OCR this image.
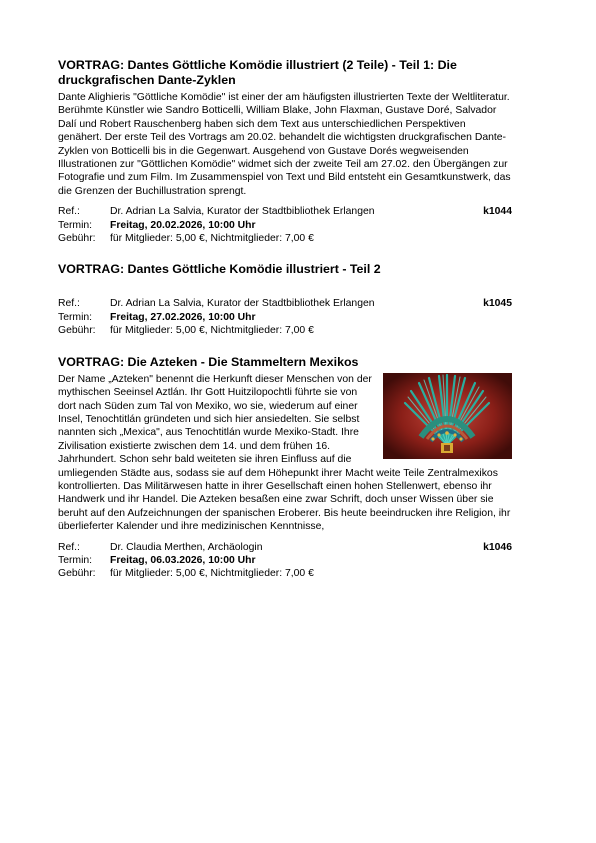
VORTRAG: Dantes Göttliche Komödie illustriert (2 Teile) - Teil 1: Die druckgrafischen Dante-Zyklen

Dante Alighieris "Göttliche Komödie" ist einer der am häufigsten illustrierten Texte der Weltliteratur. Berühmte Künstler wie Sandro Botticelli, William Blake, John Flaxman, Gustave Doré, Salvador Dalí und Robert Rauschenberg haben sich dem Text aus unterschiedlichen Perspektiven genähert. Der erste Teil des Vortrags am 20.02. behandelt die wichtigsten druckgrafischen Dante-Zyklen von Botticelli bis in die Gegenwart. Ausgehend von Gustave Dorés wegweisenden Illustrationen zur "Göttlichen Komödie" widmet sich der zweite Teil am 27.02. den Übergängen zur Fotografie und zum Film. Im Zusammenspiel von Text und Bild entsteht ein Gesamtkunstwerk, das die Grenzen der Buchillustration sprengt.

Ref.:	Dr. Adrian La Salvia, Kurator der Stadtbibliothek Erlangen	k1044
Termin:	Freitag, 20.02.2026, 10:00 Uhr
Gebühr:	für Mitglieder: 5,00 €, Nichtmitglieder: 7,00 €
VORTRAG: Dantes Göttliche Komödie illustriert - Teil 2
Ref.:	Dr. Adrian La Salvia, Kurator der Stadtbibliothek Erlangen	k1045
Termin:	Freitag, 27.02.2026, 10:00 Uhr
Gebühr:	für Mitglieder: 5,00 €, Nichtmitglieder: 7,00 €
VORTRAG: Die Azteken - Die Stammeltern Mexikos

Der Name „Azteken" benennt die Herkunft dieser Menschen von der mythischen Seeinsel Aztlán. Ihr Gott Huitzilopochtli führte sie von dort nach Süden zum Tal von Mexiko, wo sie, wiederum auf einer Insel, Tenochtitlán gründeten und sich hier ansiedelten. Sie selbst nannten sich „Mexica", aus Tenochtitlán wurde Mexiko-Stadt. Ihre Zivilisation existierte zwischen dem 14. und dem frühen 16. Jahrhundert. Schon sehr bald weiteten sie ihren Einfluss auf die umliegenden Städte aus, sodass sie auf dem Höhepunkt ihrer Macht weite Teile Zentralmexikos kontrollierten. Das Militärwesen hatte in ihrer Gesellschaft einen hohen Stellenwert, ebenso ihr Handwerk und ihr Handel. Die Azteken besaßen eine zwar Schrift, doch unser Wissen über sie beruht auf den Aufzeichnungen der spanischen Eroberer. Bis heute beeindrucken ihre Religion, ihr überlieferter Kalender und ihre medizinischen Kenntnisse,

Ref.:	Dr. Claudia Merthen, Archäologin	k1046
Termin:	Freitag, 06.03.2026, 10:00 Uhr
Gebühr:	für Mitglieder: 5,00 €, Nichtmitglieder: 7,00 €
